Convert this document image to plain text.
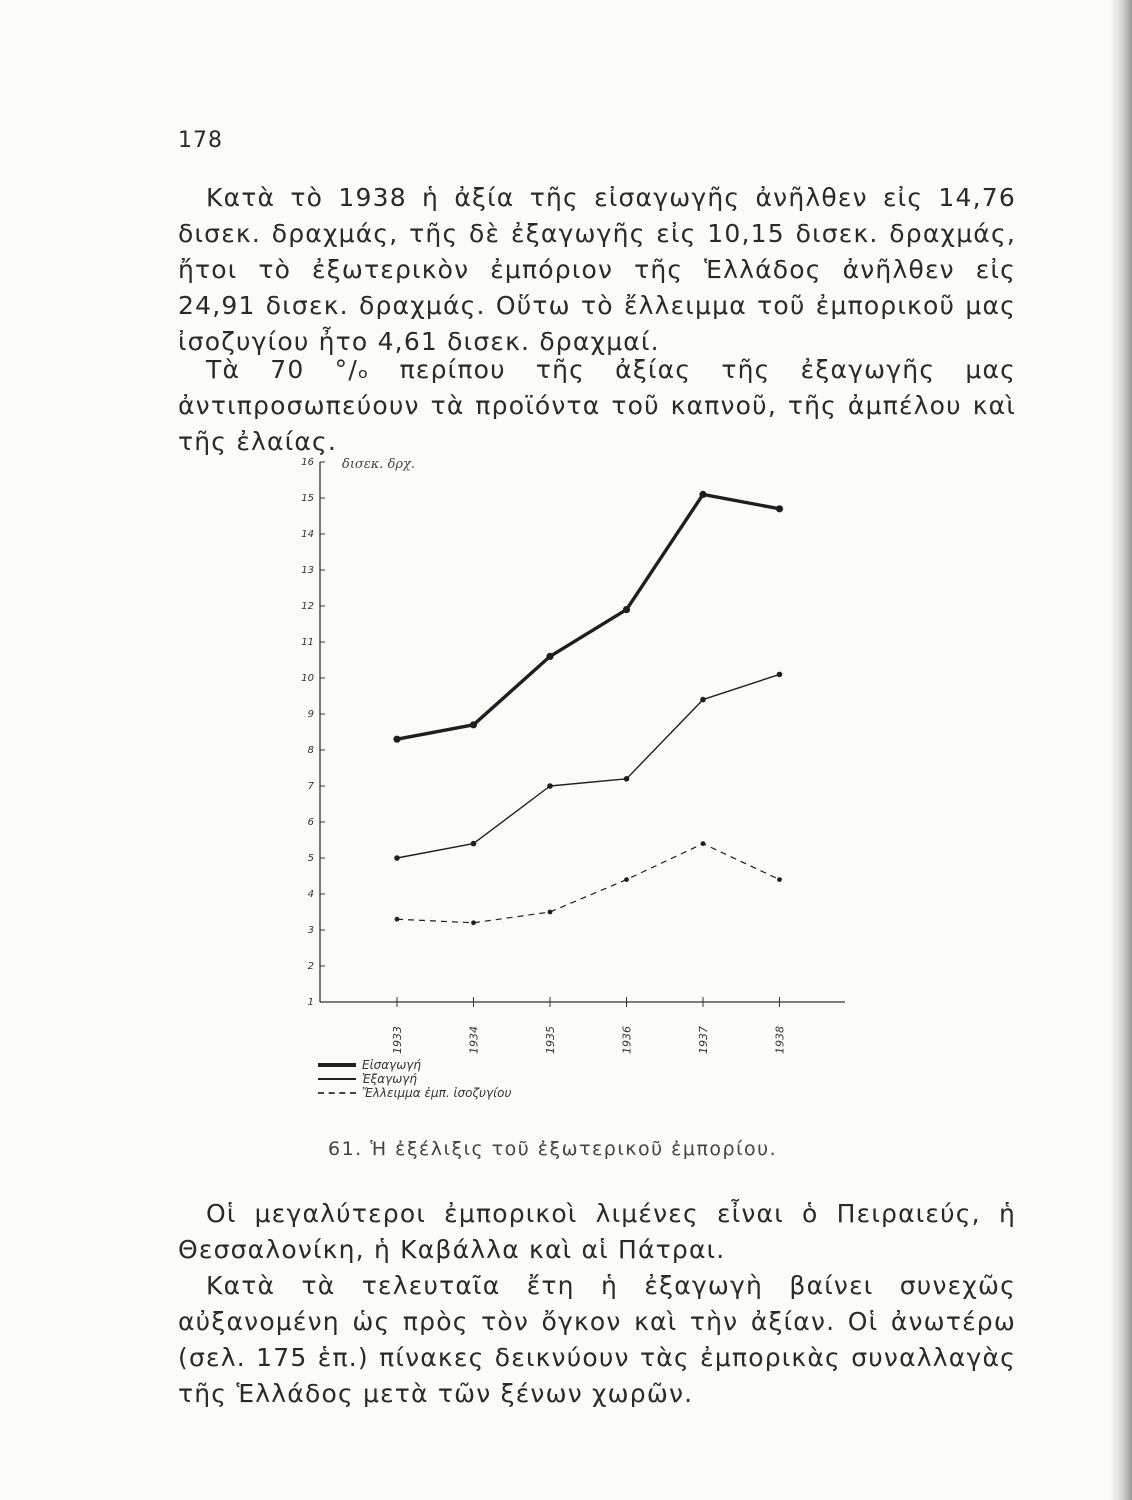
178

Κατὰ τὸ 1938 ἡ ἀξία τῆς εἰσαγωγῆς ἀνῆλθεν εἰς 14,76 δισεκ. δραχμάς, τῆς δὲ ἐξαγωγῆς εἰς 10,15 δισεκ. δραχμάς, ἤτοι τὸ ἐξωτερικὸν ἐμπόριον τῆς Ἑλλάδος ἀνῆλθεν εἰς 24,91 δισεκ. δραχμάς. Οὕτω τὸ ἔλλειμμα τοῦ ἐμπορικοῦ μας ἰσοζυγίου ἦτο 4,61 δισεκ. δραχμαί.

Τὰ 70 °/ₒ περίπου τῆς ἀξίας τῆς ἐξαγωγῆς μας ἀντιπροσωπεύουν τὰ προϊόντα τοῦ καπνοῦ, τῆς ἀμπέλου καὶ τῆς ἐλαίας.

δισεκ. δρχ.
1
2
3
4
5
6
7
8
9
10
11
12
13
14
15
16
1933	1934	1935	1936	1937	1938
Εἰσαγωγή
Ἐξαγωγή
Ἔλλειμμα ἐμπ. ἰσοζυγίου
61. Ἡ ἐξέλιξις τοῦ ἐξωτερικοῦ ἐμπορίου.

Οἱ μεγαλύτεροι ἐμπορικοὶ λιμένες εἶναι ὁ Πειραιεύς, ἡ Θεσσαλονίκη, ἡ Καβάλλα καὶ αἱ Πάτραι.

Κατὰ τὰ τελευταῖα ἔτη ἡ ἐξαγωγὴ βαίνει συνεχῶς αὐξανομένη ὡς πρὸς τὸν ὄγκον καὶ τὴν ἀξίαν. Οἱ ἀνωτέρω (σελ. 175 ἑπ.) πίνακες δεικνύουν τὰς ἐμπορικὰς συναλλαγὰς τῆς Ἑλλάδος μετὰ τῶν ξένων χωρῶν.
